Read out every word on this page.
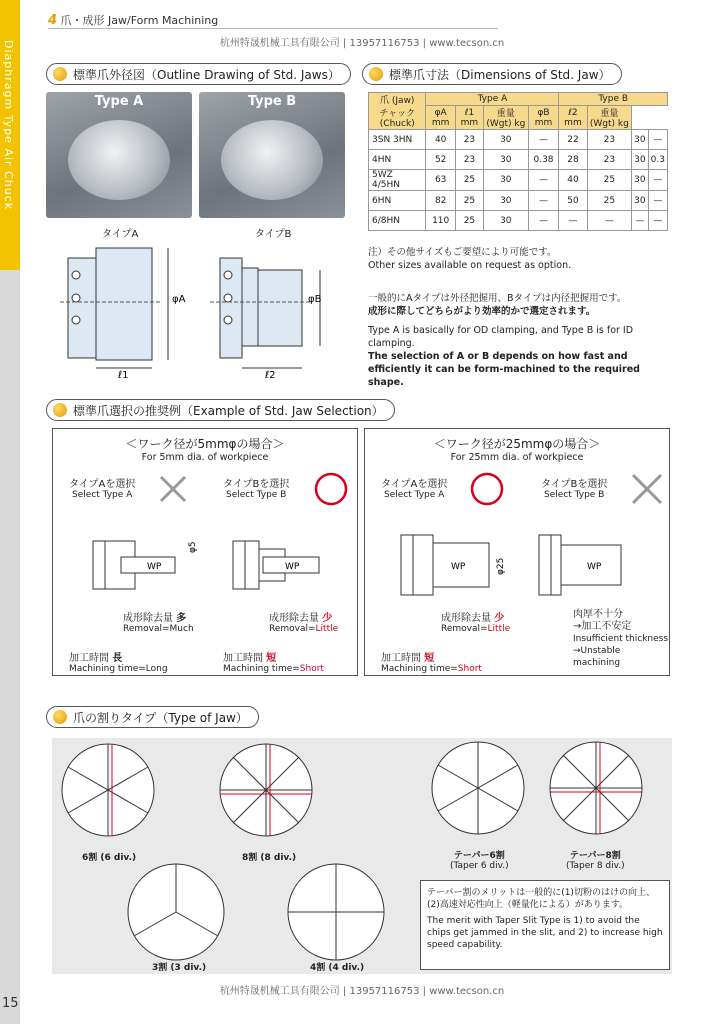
Diaphragm Type Air Chuck
15
4 爪・成形 Jaw/Form Machining
杭州特晟机械工具有限公司 | 13957116753 | www.tecson.cn
標準爪外径図（Outline Drawing of Std. Jaws）
Type A	Type B
タイプA	タイプB
φA	φB
ℓ1	ℓ2
標準爪寸法（Dimensions of Std. Jaw）
爪 (Jaw)
チャック (Chuck)	Type A				Type B			
	φA mm	ℓ1 mm	重量(Wgt) kg	φB mm	ℓ2 mm	重量(Wgt) kg		
3SN 3HN	40	23	30	—	22	23	30	—
4HN	52	23	30	0.38	28	23	30	0.3
5WZ 4/5HN	63	25	30	—	40	25	30	—
6HN	82	25	30	—	50	25	30	—
6/8HN	110	25	30	—	—	—	—	—
注）その他サイズもご要望により可能です。
Other sizes available on request as option.
一般的にAタイプは外径把握用、Bタイプは内径把握用です。
成形に際してどちらがより効率的かで選定されます。
Type A is basically for OD clamping, and Type B is for ID clamping.
The selection of A or B depends on how fast and efficiently it can be form-machined to the required shape.
標準爪選択の推奨例（Example of Std. Jaw Selection）
＜ワーク径が5mmφの場合＞
For 5mm dia. of workpiece
タイプAを選択
Select Type A
タイプBを選択
Select Type B
WP	WP
φ5
成形除去量 多
Removal=Much
成形除去量 少
Removal=Little
加工時間 長
Machining time=Long
加工時間 短
Machining time=Short
＜ワーク径が25mmφの場合＞
For 25mm dia. of workpiece
タイプAを選択
Select Type A
タイプBを選択
Select Type B
WP	WP
φ25
成形除去量 少
Removal=Little
加工時間 短
Machining time=Short
肉厚不十分
→加工不安定
Insufficient thickness
→Unstable machining
爪の割りタイプ（Type of Jaw）
6割 (6 div.)	8割 (8 div.)	テーパー6割
(Taper 6 div.)
テーパー8割
(Taper 8 div.)
3割 (3 div.)	4割 (4 div.)
テーパー割のメリットは一般的に(1)切粉のはけの向上、
(2)高速対応性向上（軽量化による）があります。
The merit with Taper Slit Type is 1) to avoid the chips get jammed in the slit, and 2) to increase high speed capability.
杭州特晟机械工具有限公司 | 13957116753 | www.tecson.cn
